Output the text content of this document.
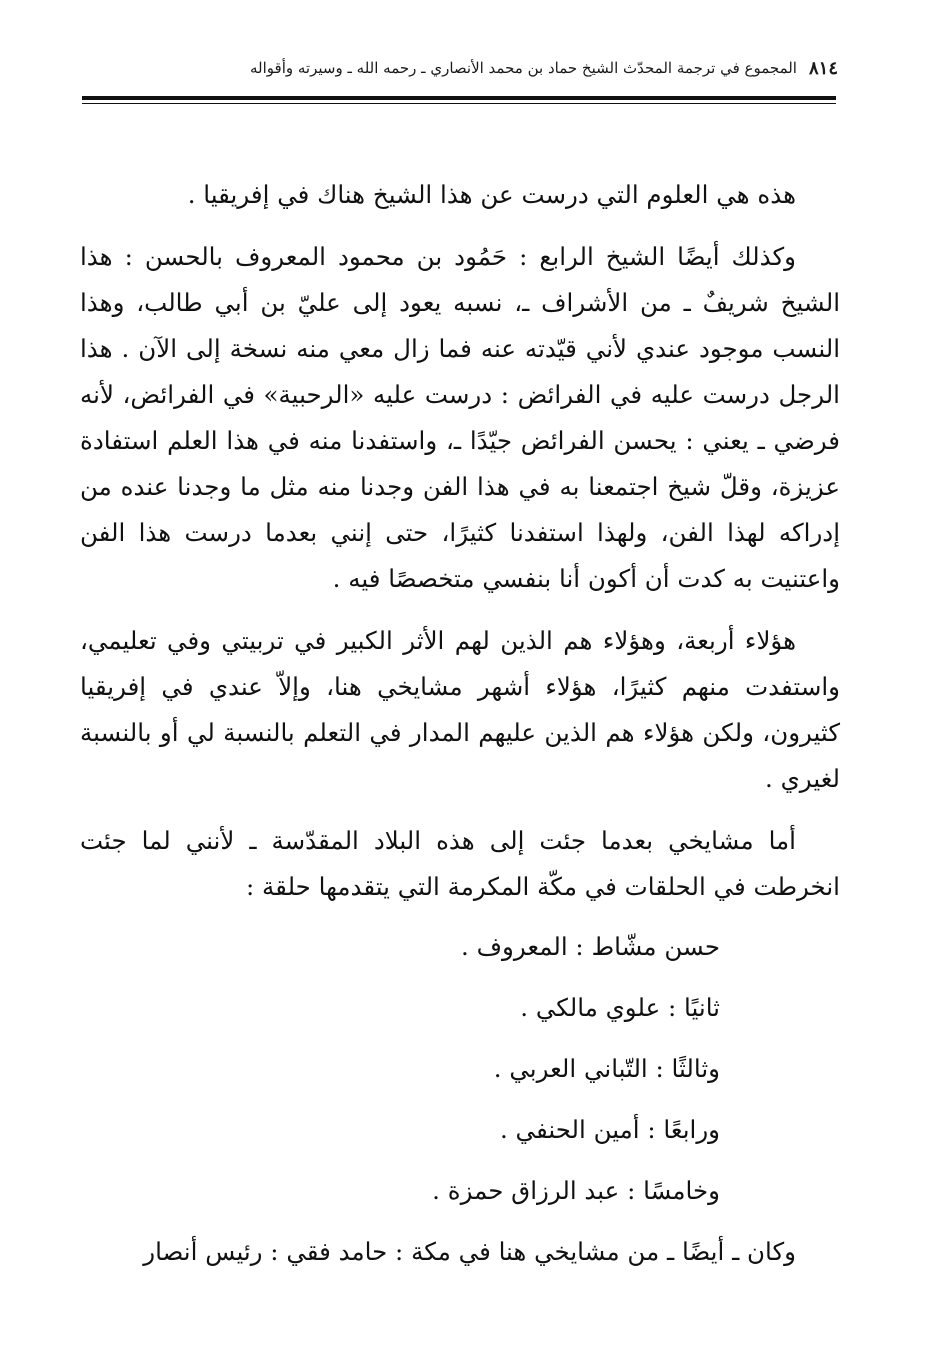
٨١٤
المجموع في ترجمة المحدّث الشيخ حماد بن محمد الأنصاري ـ رحمه الله ـ وسيرته وأقواله

هذه هي العلوم التي درست عن هذا الشيخ هناك في إفريقيا .

وكذلك أيضًا الشيخ الرابع : حَمُود بن محمود المعروف بالحسن : هذا الشيخ شريفٌ ـ من الأشراف ـ، نسبه يعود إلى عليّ بن أبي طالب، وهذا النسب موجود عندي لأني قيّدته عنه فما زال معي منه نسخة إلى الآن . هذا الرجل درست عليه في الفرائض : درست عليه «الرحبية» في الفرائض، لأنه فرضي ـ يعني : يحسن الفرائض جيّدًا ـ، واستفدنا منه في هذا العلم استفادة عزيزة، وقلّ شيخ اجتمعنا به في هذا الفن وجدنا منه مثل ما وجدنا عنده من إدراكه لهذا الفن، ولهذا استفدنا كثيرًا، حتى إنني بعدما درست هذا الفن واعتنيت به كدت أن أكون أنا بنفسي متخصصًا فيه .

هؤلاء أربعة، وهؤلاء هم الذين لهم الأثر الكبير في تربيتي وفي تعليمي، واستفدت منهم كثيرًا، هؤلاء أشهر مشايخي هنا، وإلاّ عندي في إفريقيا كثيرون، ولكن هؤلاء هم الذين عليهم المدار في التعلم بالنسبة لي أو بالنسبة لغيري .

أما مشايخي بعدما جئت إلى هذه البلاد المقدّسة ـ لأنني لما جئت انخرطت في الحلقات في مكّة المكرمة التي يتقدمها حلقة :

حسن مشّاط : المعروف .
ثانيًا : علوي مالكي .
وثالثًا : التّباني العربي .
ورابعًا : أمين الحنفي .
وخامسًا : عبد الرزاق حمزة .

وكان ـ أيضًا ـ من مشايخي هنا في مكة : حامد فقي : رئيس أنصار
